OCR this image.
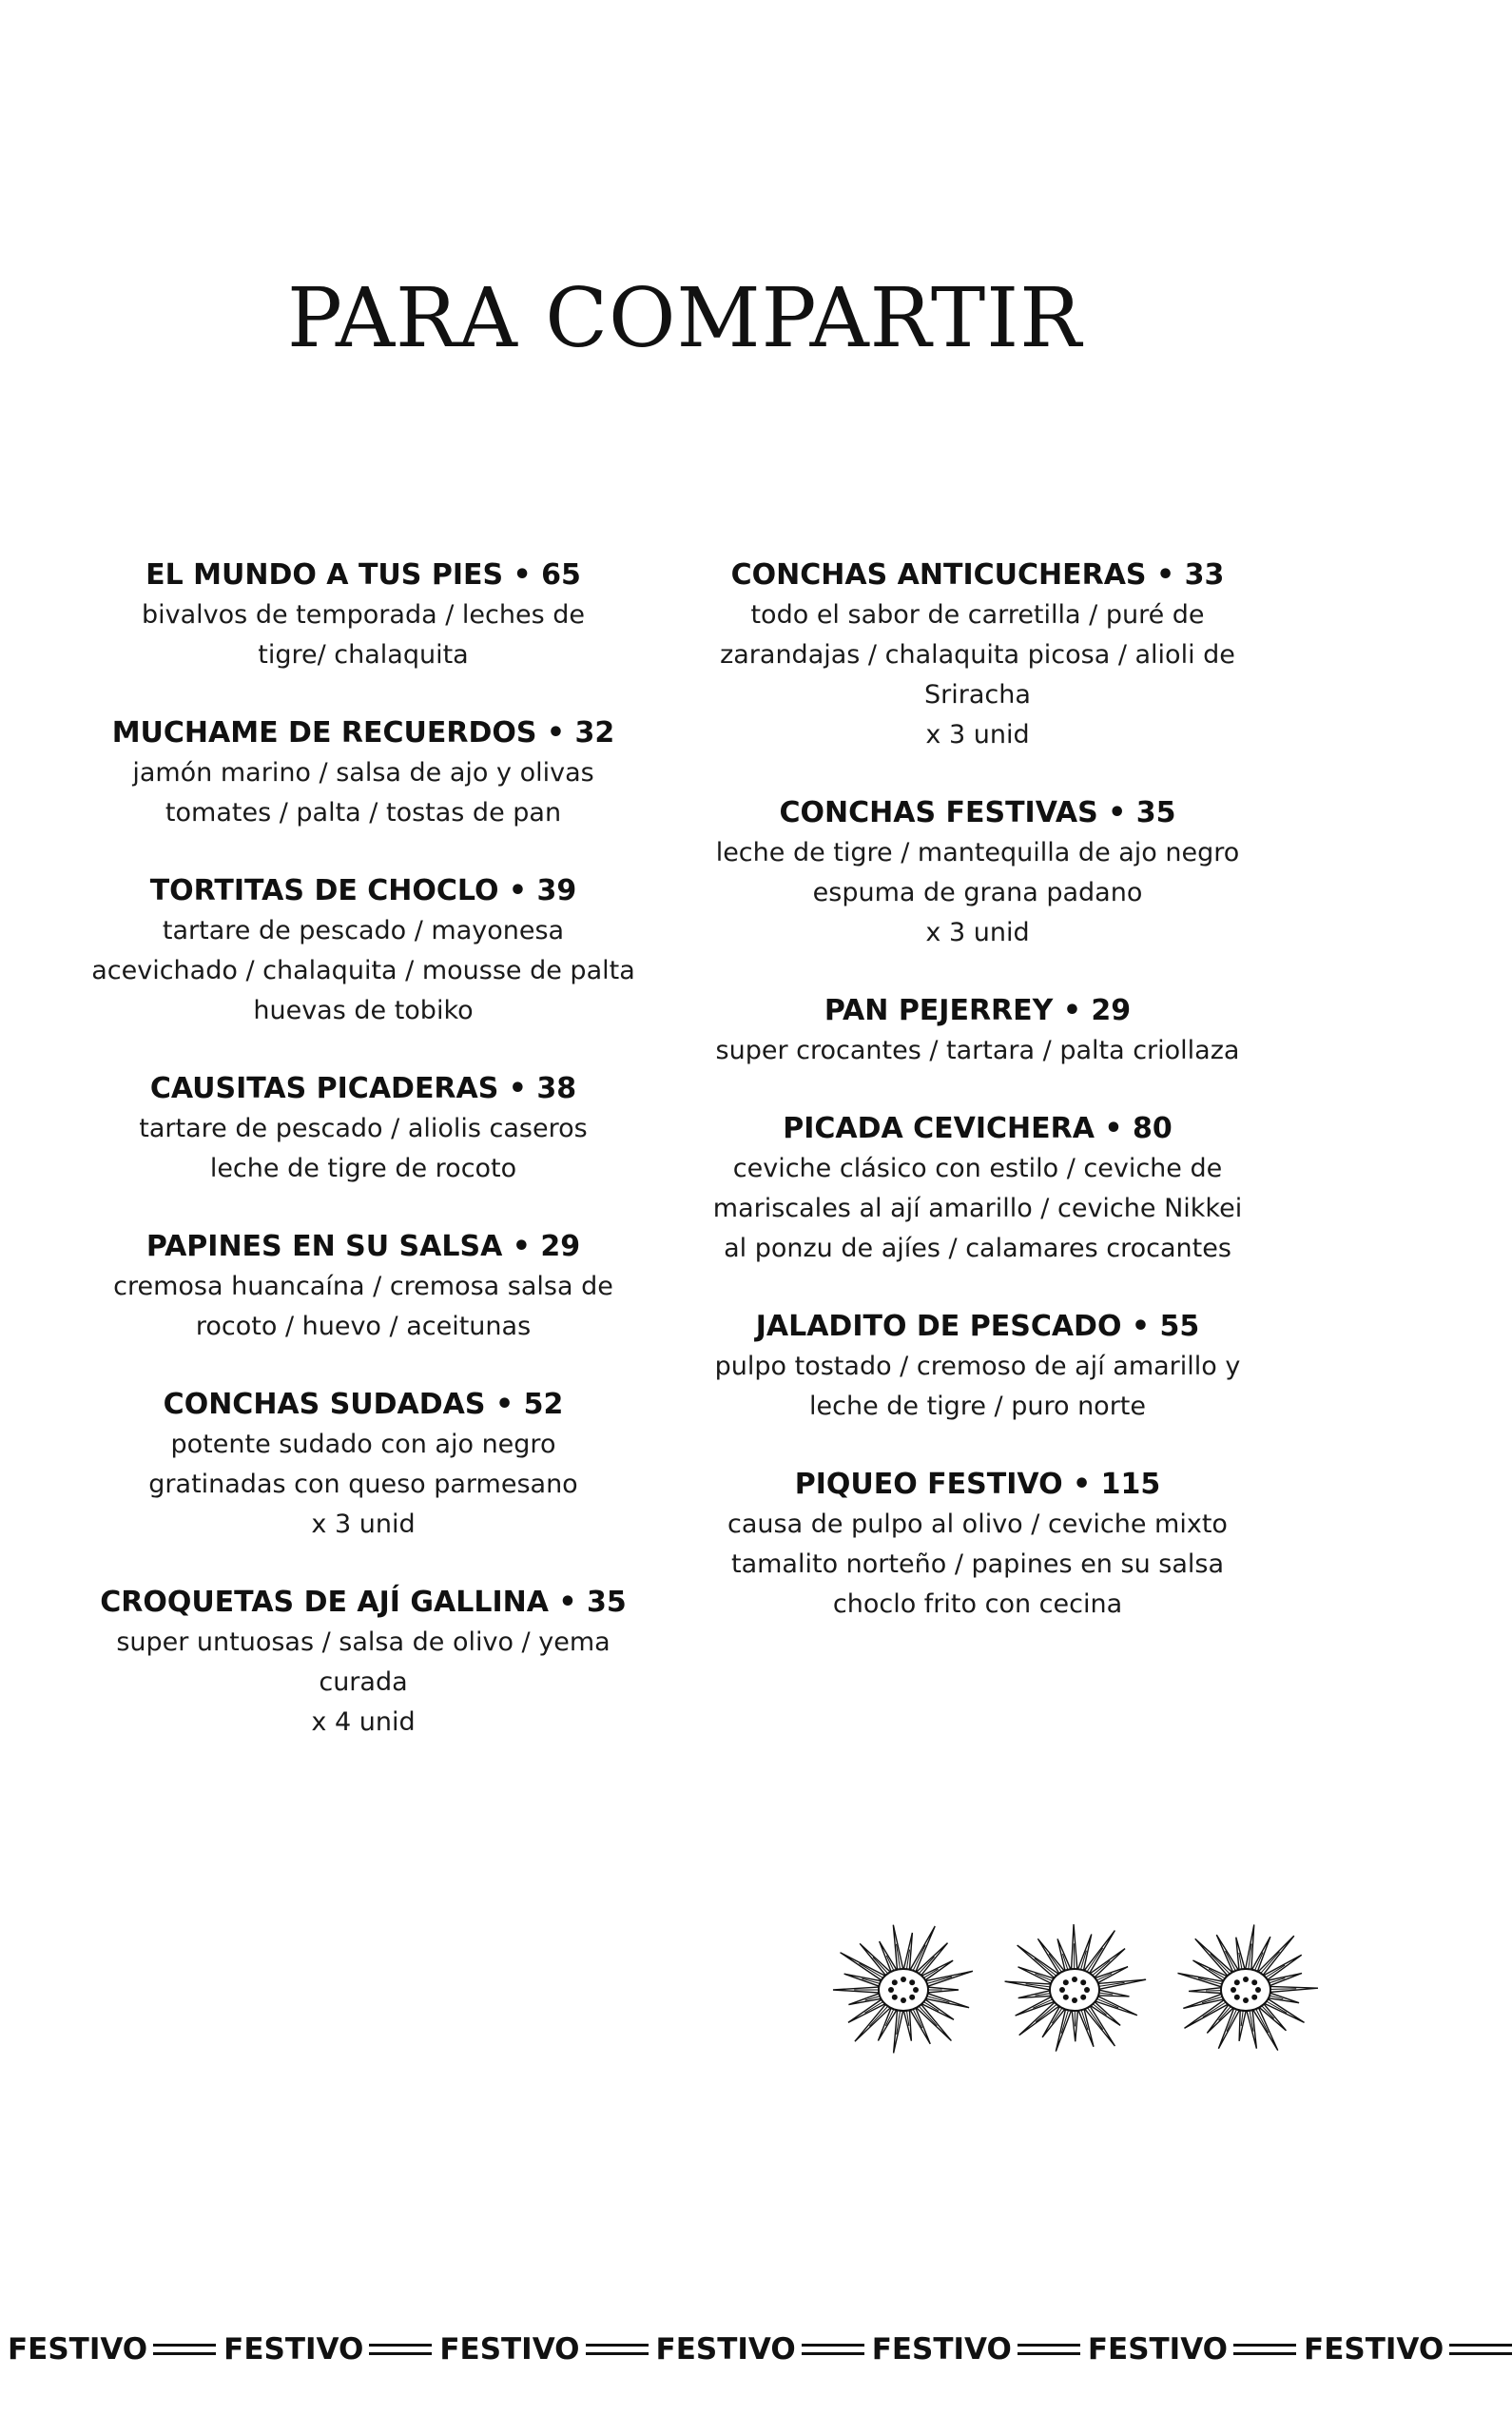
PARA COMPARTIR
EL MUNDO A TUS PIES • 65
bivalvos de temporada / leches de
tigre/ chalaquita
MUCHAME DE RECUERDOS • 32
jamón marino / salsa de ajo y olivas
tomates / palta / tostas de pan
TORTITAS DE CHOCLO • 39
tartare de pescado / mayonesa
acevichado / chalaquita / mousse de palta
huevas de tobiko
CAUSITAS PICADERAS • 38
tartare de pescado / aliolis caseros
leche de tigre de rocoto
PAPINES EN SU SALSA • 29
cremosa huancaína / cremosa salsa de
rocoto / huevo / aceitunas
CONCHAS SUDADAS • 52
potente sudado con ajo negro
gratinadas con queso parmesano
x 3 unid
CROQUETAS DE AJÍ GALLINA • 35
super untuosas / salsa de olivo / yema
curada
x 4 unid
CONCHAS ANTICUCHERAS • 33
todo el sabor de carretilla / puré de
zarandajas / chalaquita picosa / alioli de
Sriracha
x 3 unid
CONCHAS FESTIVAS • 35
leche de tigre / mantequilla de ajo negro
espuma de grana padano
x 3 unid
PAN PEJERREY • 29
super crocantes / tartara / palta criollaza
PICADA CEVICHERA • 80
ceviche clásico con estilo / ceviche de
mariscales al ají amarillo / ceviche Nikkei
al ponzu de ajíes / calamares crocantes
JALADITO DE PESCADO • 55
pulpo tostado / cremoso de ají amarillo y
leche de tigre / puro norte
PIQUEO FESTIVO • 115
causa de pulpo al olivo / ceviche mixto
tamalito norteño / papines en su salsa
choclo frito con cecina
FESTIVO	FESTIVO	FESTIVO	FESTIVO	FESTIVO	FESTIVO	FESTIVO
